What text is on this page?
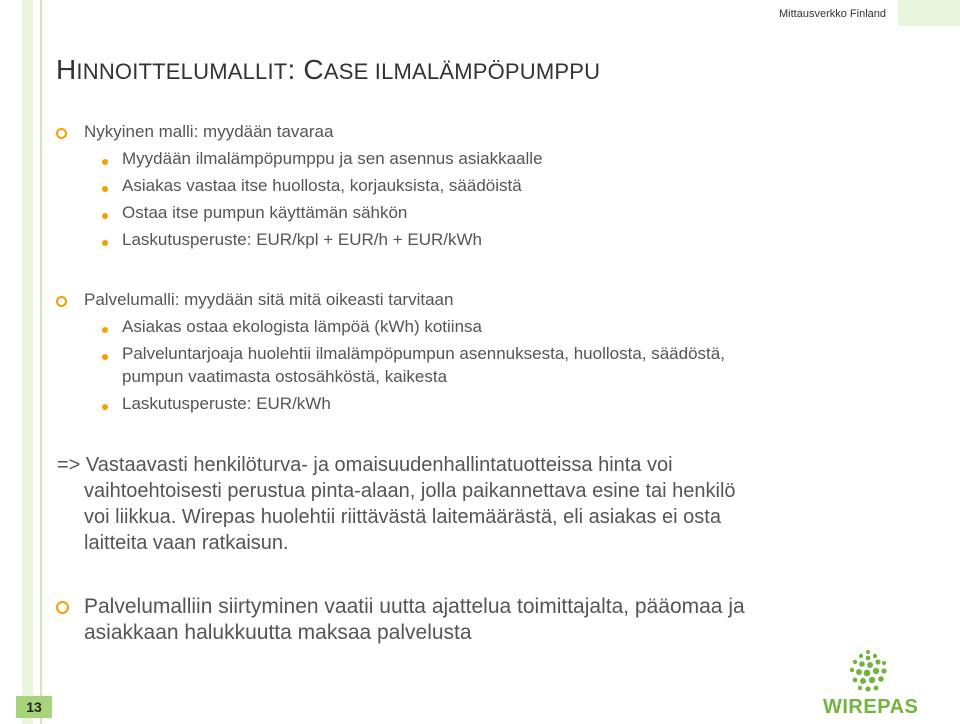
Mittausverkko Finland
HINNOITTELUMALLIT: CASE ILMALÄMPÖPUMPPU
Nykyinen malli: myydään tavaraa
Myydään ilmalämpöpumppu ja sen asennus asiakkaalle
Asiakas vastaa itse huollosta, korjauksista, säädöistä
Ostaa itse pumpun käyttämän sähkön
Laskutusperuste: EUR/kpl + EUR/h + EUR/kWh
Palvelumalli: myydään sitä mitä oikeasti tarvitaan
Asiakas ostaa ekologista lämpöä (kWh) kotiinsa
Palveluntarjoaja huolehtii ilmalämpöpumpun asennuksesta, huollosta, säädöstä,
pumpun vaatimasta ostosähköstä, kaikesta
Laskutusperuste: EUR/kWh
=> Vastaavasti henkilöturva- ja omaisuudenhallintatuotteissa hinta voi
vaihtoehtoisesti perustua pinta-alaan, jolla paikannettava esine tai henkilö
voi liikkua. Wirepas huolehtii riittävästä laitemäärästä, eli asiakas ei osta
laitteita vaan ratkaisun.
Palvelumalliin siirtyminen vaatii uutta ajattelua toimittajalta, pääomaa ja
asiakkaan halukkuutta maksaa palvelusta
13	WIREPAS
